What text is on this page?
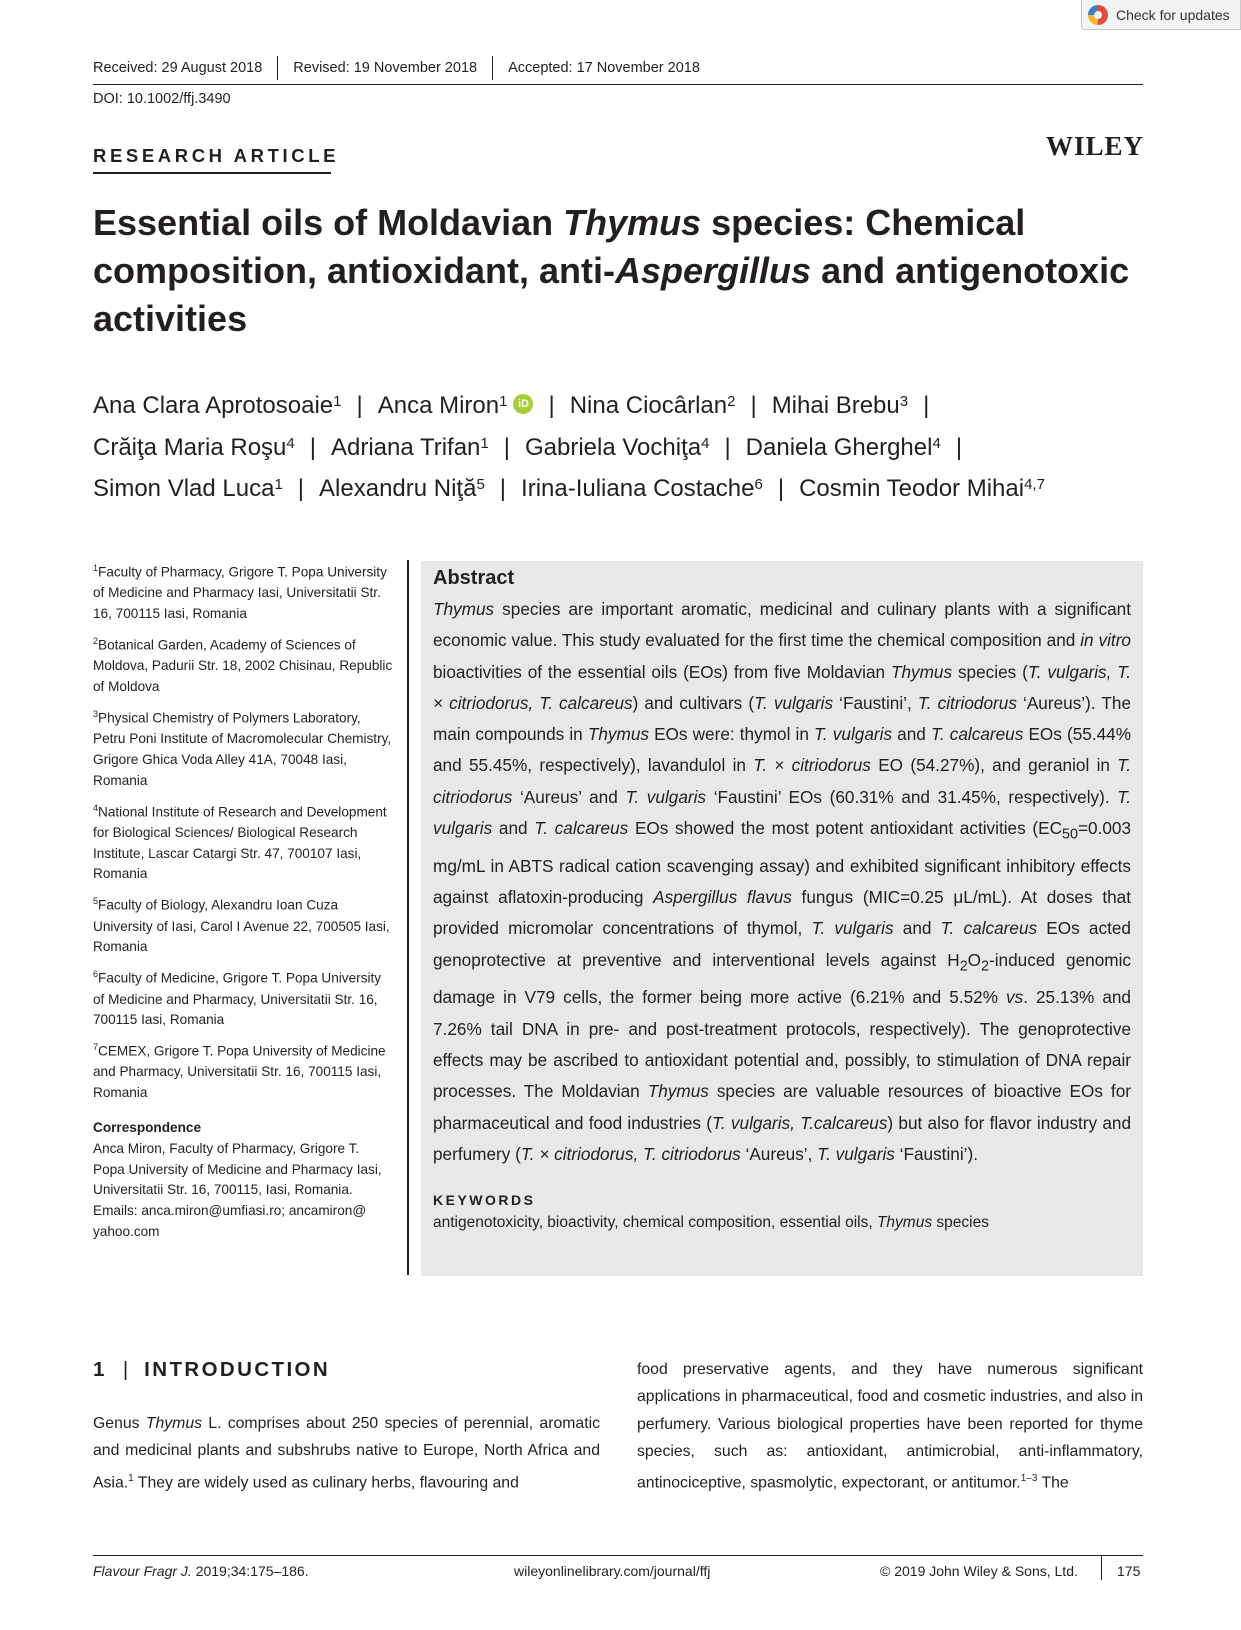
Check for updates
Received: 29 August 2018 Revised: 19 November 2018 Accepted: 17 November 2018
DOI: 10.1002/ffj.3490
RESEARCH ARTICLE	WILEY
Essential oils of Moldavian Thymus species: Chemical composition, antioxidant, anti-Aspergillus and antigenotoxic activities
Ana Clara Aprotosoaie$^1$ | Anca Miron$^1$ iD | Nina Ciocârlan$^2$ | Mihai Brebu$^3$ |
Crăiţa Maria Roşu$^4$ | Adriana Trifan$^1$ | Gabriela Vochiţa$^4$ | Daniela Gherghel$^4$ |
Simon Vlad Luca$^1$ | Alexandru Niţă$^5$ | Irina-Iuliana Costache$^6$ | Cosmin Teodor Mihai$^{4,7}$

$^1$Faculty of Pharmacy, Grigore T. Popa University of Medicine and Pharmacy Iasi, Universitatii Str. 16, 700115 Iasi, Romania

$^2$Botanical Garden, Academy of Sciences of Moldova, Padurii Str. 18, 2002 Chisinau, Republic of Moldova

$^3$Physical Chemistry of Polymers Laboratory, Petru Poni Institute of Macromolecular Chemistry, Grigore Ghica Voda Alley 41A, 70048 Iasi, Romania

$^4$National Institute of Research and Development for Biological Sciences/ Biological Research Institute, Lascar Catargi Str. 47, 700107 Iasi, Romania

$^5$Faculty of Biology, Alexandru Ioan Cuza University of Iasi, Carol I Avenue 22, 700505 Iasi, Romania

$^6$Faculty of Medicine, Grigore T. Popa University of Medicine and Pharmacy, Universitatii Str. 16, 700115 Iasi, Romania

$^7$CEMEX, Grigore T. Popa University of Medicine and Pharmacy, Universitatii Str. 16, 700115 Iasi, Romania

Correspondence
Anca Miron, Faculty of Pharmacy, Grigore T. Popa University of Medicine and Pharmacy Iasi, Universitatii Str. 16, 700115, Iasi, Romania.
Emails: anca.miron@umfiasi.ro; ancamiron@ yahoo.com
Abstract
Thymus species are important aromatic, medicinal and culinary plants with a significant economic value. This study evaluated for the first time the chemical composition and in vitro bioactivities of the essential oils (EOs) from five Moldavian Thymus species (T. vulgaris, T. × citriodorus, T. calcareus) and cultivars (T. vulgaris ‘Faustini’, T. citriodorus ‘Aureus’). The main compounds in Thymus EOs were: thymol in T. vulgaris and T. calcareus EOs (55.44% and 55.45%, respectively), lavandulol in T. × citriodorus EO (54.27%), and geraniol in T. citriodorus ‘Aureus’ and T. vulgaris ‘Faustini’ EOs (60.31% and 31.45%, respectively). T. vulgaris and T. calcareus EOs showed the most potent antioxidant activities ($EC_{50}=0.003$ mg/mL in ABTS radical cation scavenging assay) and exhibited significant inhibitory effects against aflatoxin-producing Aspergillus flavus fungus (MIC=0.25 μL/mL). At doses that provided micromolar concentrations of thymol, T. vulgaris and T. calcareus EOs acted genoprotective at preventive and interventional levels against $H_2O_2$-induced genomic damage in V79 cells, the former being more active (6.21% and 5.52% vs. 25.13% and 7.26% tail DNA in pre- and post-treatment protocols, respectively). The genoprotective effects may be ascribed to antioxidant potential and, possibly, to stimulation of DNA repair processes. The Moldavian Thymus species are valuable resources of bioactive EOs for pharmaceutical and food industries (T. vulgaris, T.calcareus) but also for flavor industry and perfumery (T. × citriodorus, T. citriodorus ‘Aureus’, T. vulgaris ‘Faustini’).
KEYWORDS
antigenotoxicity, bioactivity, chemical composition, essential oils, Thymus species
1 | INTRODUCTION
Genus Thymus L. comprises about 250 species of perennial, aromatic and medicinal plants and subshrubs native to Europe, North Africa and Asia.$^1$ They are widely used as culinary herbs, flavouring and
food preservative agents, and they have numerous significant applications in pharmaceutical, food and cosmetic industries, and also in perfumery. Various biological properties have been reported for thyme species, such as: antioxidant, antimicrobial, anti-inflammatory, antinociceptive, spasmolytic, expectorant, or antitumor.$^{1-3}$ The
Flavour Fragr J. 2019;34:175–186.	wileyonlinelibrary.com/journal/ffj	© 2019 John Wiley & Sons, Ltd.	175
